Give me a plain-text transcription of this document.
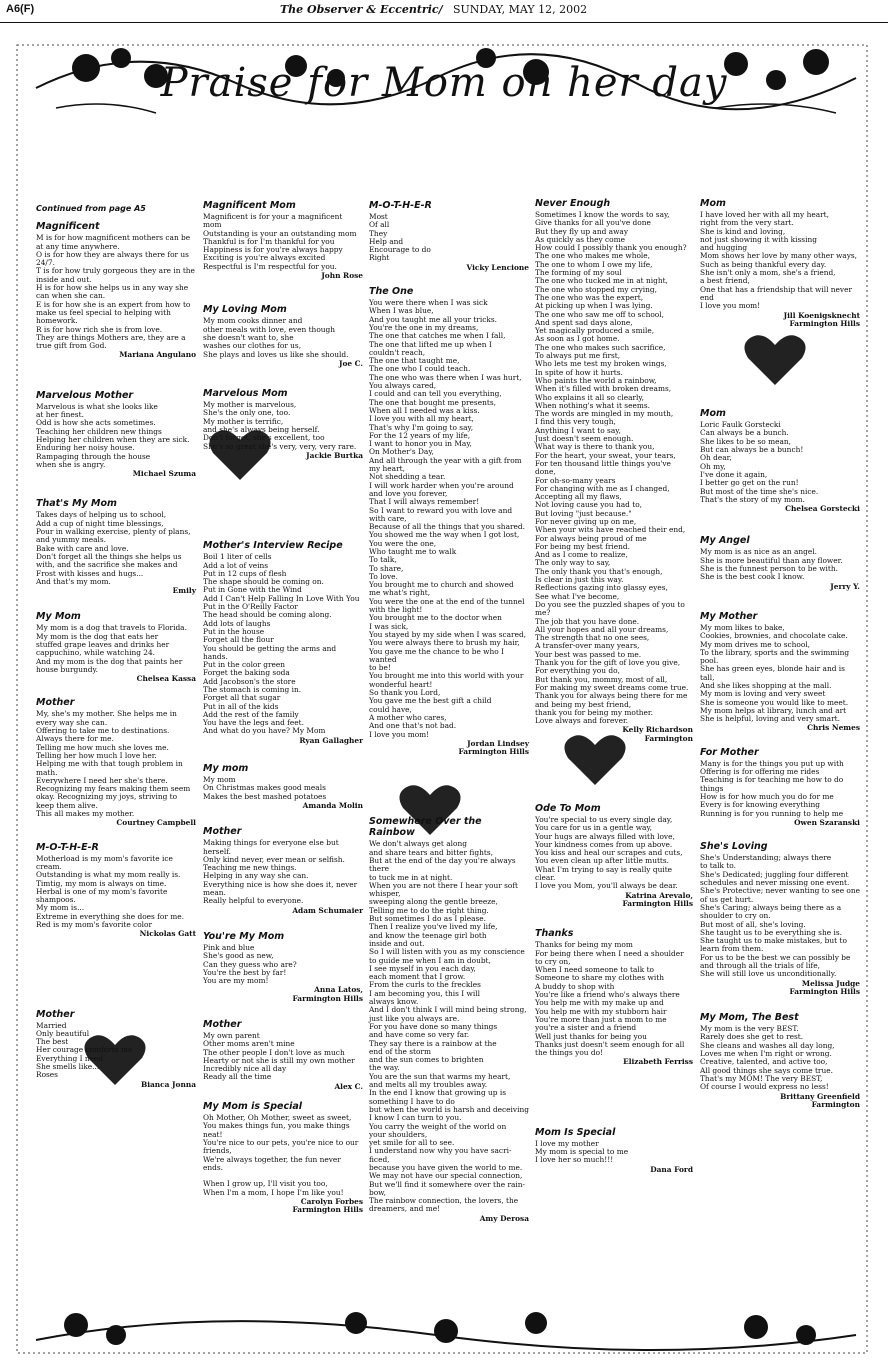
A6(F)	The Observer & Eccentric/ SUNDAY, MAY 12, 2002
Praise for Mom on her day
Continued from page A5
Magnificent
M is for how magnificent mothers can be
at any time anywhere.
O is for how they are always there for us
24/7.
T is for how truly gorgeous they are in the
inside and out.
H is for how she helps us in any way she
can when she can.
E is for how she is an expert from how to
make us feel special to helping with
homework.
R is for how rich she is from love.
They are things Mothers are, they are a
true gift from God.
Mariana Angulano
Marvelous Mother
Marvelous is what she looks like
at her finest.
Odd is how she acts sometimes.
Teaching her children new things
Helping her children when they are sick.
Enduring her noisy house.
Rampaging through the house
when she is angry.
Michael Szuma
That's My Mom
Takes days of helping us to school,
Add a cup of night time blessings,
Pour in walking exercise, plenty of plans,
and yummy meals.
Bake with care and love.
Don't forget all the things she helps us
with, and the sacrifice she makes and
Frost with kisses and hugs...
And that's my mom.
Emily
My Mom
My mom is a dog that travels to Florida.
My mom is the dog that eats her
stuffed grape leaves and drinks her
cappuchino, while watching 24.
And my mom is the dog that paints her
house burgundy.
Chelsea Kassa
Mother
My, she's my mother. She helps me in
every way she can.
Offering to take me to destinations.
Always there for me.
Telling me how much she loves me.
Telling her how much I love her.
Helping me with that tough problem in
math.
Everywhere I need her she's there.
Recognizing my fears making them seem
okay. Recognizing my joys, striving to
keep them alive.
This all makes my mother.
Courtney Campbell
M-O-T-H-E-R
Motherload is my mom's favorite ice cream.
Outstanding is what my mom really is.
Timtig, my mom is always on time.
Herbal is one of my mom's favorite shampoos.
My mom is...
Extreme in everything she does for me.
Red is my mom's favorite color
Nickolas Gatt
Mother
Married
Only beautiful
The best
Her courage comforts me
Everything I need
She smells like...
Roses
Bianca Jonna
Magnificent Mom
Magnificent is for your a magnificent mom
Outstanding is your an outstanding mom
Thankful is for I'm thankful for you
Happiness is for you're always happy
Exciting is you're always excited
Respectful is I'm respectful for you.
John Rose
My Loving Mom
My mom cooks dinner and
other meals with love, even though
she doesn't want to, she
washes our clothes for us,
She plays and loves us like she should.
Joe C.
Marvelous Mom
My mother is marvelous,
She's the only one, too.
My mother is terrific,
and she's always being herself.
Don't forget, she's excellent, too
She's so great she's very, very, very rare.
Jackie Burtka
Mother's Interview Recipe
Boil 1 liter of cells
Add a lot of veins
Put in 12 cups of flesh
The shape should be coming on.
Put in Gone with the Wind
Add I Can't Help Falling In Love With You
Put in the O'Reilly Factor
The head should be coming along.
Add lots of laughs
Put in the house
Forget all the flour
You should be getting the arms and hands.
Put in the color green
Forget the baking soda
Add Jacobson's the store
The stomach is coming in.
Forget all that sugar
Put in all of the kids
Add the rest of the family
You have the legs and feet.
And what do you have? My Mom
Ryan Gallagher
My mom
My mom
On Christmas makes good meals
Makes the best mashed potatoes
Amanda Molin
Mother
Making things for everyone else but herself.
Only kind never, ever mean or selfish.
Teaching me new things.
Helping in any way she can.
Everything nice is how she does it, never mean.
Really helpful to everyone.
Adam Schumaier
You're My Mom
Pink and blue
She's good as new,
Can they guess who are?
You're the best by far!
You are my mom!
Anna Latos,
Farmington Hills
Mother
My own parent
Other moms aren't mine
The other people I don't love as much
Hearty or not she is still my own mother
Incredibly nice all day
Ready all the time
Alex C.
My Mom is Special
Oh Mother, Oh Mother, sweet as sweet,
You makes things fun, you make things
neat!
You're nice to our pets, you're nice to our
friends,
We're always together, the fun never ends.

When I grow up, I'll visit you too,
When I'm a mom, I hope I'm like you!
Carolyn Forbes
Farmington Hills
M-O-T-H-E-R
Most
Of all
They
Help and
Encourage to do
Right
Vicky Lencione
The One
You were there when I was sick
When I was blue,
And you taught me all your tricks.
You're the one in my dreams,
The one that catches me when I fall,
The one that lifted me up when I
couldn't reach,
The one that taught me,
The one who I could teach.
The one who was there when I was hurt,
You always cared,
I could and can tell you everything,
The one that bought me presents,
When all I needed was a kiss.
I love you with all my heart,
That's why I'm going to say,
For the 12 years of my life,
I want to honor you in May,
On Mother's Day,
And all through the year with a gift from
my heart,
Not shedding a tear.
I will work harder when you're around
and love you forever,
That I will always remember!
So I want to reward you with love and
with care,
Because of all the things that you shared.
You showed me the way when I got lost,
You were the one,
Who taught me to walk
To talk,
To share,
To love.
You brought me to church and showed
me what's right,
You were the one at the end of the tunnel
with the light!
You brought me to the doctor when
I was sick,
You stayed by my side when I was scared,
You were always there to brush my hair,
You gave me the chance to be who I wanted
to be!
You brought me into this world with your
wonderful heart!
So thank you Lord,
You gave me the best gift a child
could have,
A mother who cares,
And one that's not bad.
I love you mom!
Jordan Lindsey
Farmington Hills
Somewhere Over the Rainbow
We don't always get along
and share tears and bitter fights,
But at the end of the day you're always there
to tuck me in at night.
When you are not there I hear your soft
whisper,
sweeping along the gentle breeze,
Telling me to do the right thing.
But sometimes I do as I please.
Then I realize you've lived my life,
and know the teenage girl both
inside and out.
So I will listen with you as my conscience
to guide me when I am in doubt,
I see myself in you each day,
each moment that I grow.
From the curls to the freckles
I am becoming you, this I will
always know.
And I don't think I will mind being strong,
just like you always are.
For you have done so many things
and have come so very far.
They say there is a rainbow at the
end of the storm
and the sun comes to brighten
the way.
You are the sun that warms my heart,
and melts all my troubles away.
In the end I know that growing up is
something I have to do
but when the world is harsh and deceiving
I know I can turn to you.
You carry the weight of the world on
your shoulders,
yet smile for all to see.
I understand now why you have sacri-
ficed,
because you have given the world to me.
We may not have our special connection,
But we'll find it somewhere over the rain-
bow,
The rainbow connection, the lovers, the
dreamers, and me!
Amy Derosa
Never Enough
Sometimes I know the words to say,
Give thanks for all you've done
But they fly up and away
As quickly as they come
How could I possibly thank you enough?
The one who makes me whole,
The one to whom I owe my life,
The forming of my soul
The one who tucked me in at night,
The one who stopped my crying,
The one who was the expert,
At picking up when I was lying.
The one who saw me off to school,
And spent sad days alone,
Yet magically produced a smile,
As soon as I got home.
The one who makes such sacrifice,
To always put me first,
Who lets me test my broken wings,
In spite of how it hurts.
Who paints the world a rainbow,
When it's filled with broken dreams,
Who explains it all so clearly,
When nothing's what it seems.
The words are mingled in my mouth,
I find this very tough,
Anything I want to say,
Just doesn't seem enough.
What way is there to thank you,
For the heart, your sweat, your tears,
For ten thousand little things you've done,
For oh-so-many years
For changing with me as I changed,
Accepting all my flaws,
Not loving cause you had to,
But loving "just because."
For never giving up on me,
When your wits have reached their end,
For always being proud of me
For being my best friend.
And as I come to realize,
The only way to say,
The only thank you that's enough,
Is clear in just this way.
Reflections gazing into glassy eyes,
See what I've become,
Do you see the puzzled shapes of you to
me?
The job that you have done.
All your hopes and all your dreams,
The strength that no one sees,
A transfer-over many years,
Your best was passed to me.
Thank you for the gift of love you give,
For everything you do,
But thank you, mommy, most of all,
For making my sweet dreams come true.
Thank you for always being there for me
and being my best friend,
thank you for being my mother.
Love always and forever.
Kelly Richardson
Farmington
Ode To Mom
You're special to us every single day,
You care for us in a gentle way,
Your hugs are always filled with love,
Your kindness comes from up above.
You kiss and heal our scrapes and cuts,
You even clean up after little mutts.
What I'm trying to say is really quite clear.
I love you Mom, you'll always be dear.
Katrina Arevalo,
Farmington Hills
Thanks
Thanks for being my mom
For being there when I need a shoulder
to cry on,
When I need someone to talk to
Someone to share my clothes with
A buddy to shop with
You're like a friend who's always there
You help me with my make up and
You help me with my stubborn hair
You're more than just a mom to me
you're a sister and a friend
Well just thanks for being you
Thanks just doesn't seem enough for all
the things you do!
Elizabeth Ferriss
Mom Is Special
I love my mother
My mom is special to me
I love her so much!!!
Dana Ford
Mom
I have loved her with all my heart,
right from the very start.
She is kind and loving,
not just showing it with kissing
and hugging
Mom shows her love by many other ways,
Such as being thankful every day.
She isn't only a mom, she's a friend,
a best friend,
One that has a friendship that will never
end
I love you mom!
Jill Koenigsknecht
Farmington Hills
Mom
Loric Faulk Gorstecki
Can always be a bunch.
She likes to be so mean,
But can always be a bunch!
Oh dear,
Oh my,
I've done it again,
I better go get on the run!
But most of the time she's nice.
That's the story of my mom.
Chelsea Gorstecki
My Angel
My mom is as nice as an angel.
She is more beautiful than any flower.
She is the funnest person to be with.
She is the best cook I know.
Jerry Y.
My Mother
My mom likes to bake,
Cookies, brownies, and chocolate cake.
My mom drives me to school,
To the library, sports and the swimming
pool.
She has green eyes, blonde hair and is tall,
And she likes shopping at the mall.
My mom is loving and very sweet
She is someone you would like to meet.
My mom helps at library, lunch and art
She is helpful, loving and very smart.
Chris Nemes
For Mother
Many is for the things you put up with
Offering is for offering me rides
Teaching is for teaching me how to do
things
How is for how much you do for me
Every is for knowing everything
Running is for you running to help me
Owen Szaranski
She's Loving
She's Understanding; always there
to talk to.
She's Dedicated; juggling four different
schedules and never missing one event.
She's Protective; never wanting to see one
of us get hurt.
She's Caring; always being there as a
shoulder to cry on.
But most of all, she's loving.
She taught us to be everything she is.
She taught us to make mistakes, but to
learn from them.
For us to be the best we can possibly be
and through all the trials of life,
She will still love us unconditionally.
Melissa Judge
Farmington Hills
My Mom, The Best
My mom is the very BEST.
Rarely does she get to rest.
She cleans and washes all day long,
Loves me when I'm right or wrong.
Creative, talented, and active too,
All good things she says come true.
That's my MOM! The very BEST,
Of course I would express no less!
Brittany Greenfield
Farmington
